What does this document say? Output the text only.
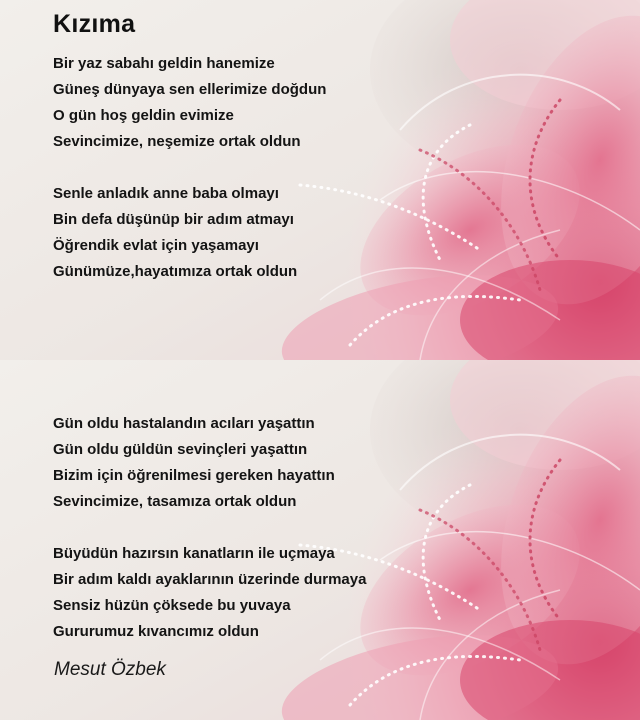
Kızıma
Bir yaz sabahı geldin hanemize
Güneş dünyaya sen ellerimize doğdun
O gün hoş geldin evimize
Sevincimize, neşemize ortak oldun
Senle anladık anne baba olmayı
Bin defa düşünüp bir adım atmayı
Öğrendik evlat için yaşamayı
Günümüze,hayatımıza ortak oldun
Gün oldu hastalandın acıları yaşattın
Gün oldu güldün sevinçleri yaşattın
Bizim için öğrenilmesi gereken hayattın
Sevincimize, tasamıza ortak oldun
Büyüdün hazırsın kanatların ile uçmaya
Bir adım kaldı ayaklarının üzerinde durmaya
Sensiz hüzün çöksede bu yuvaya
Gururumuz kıvancımız oldun
Mesut Özbek
